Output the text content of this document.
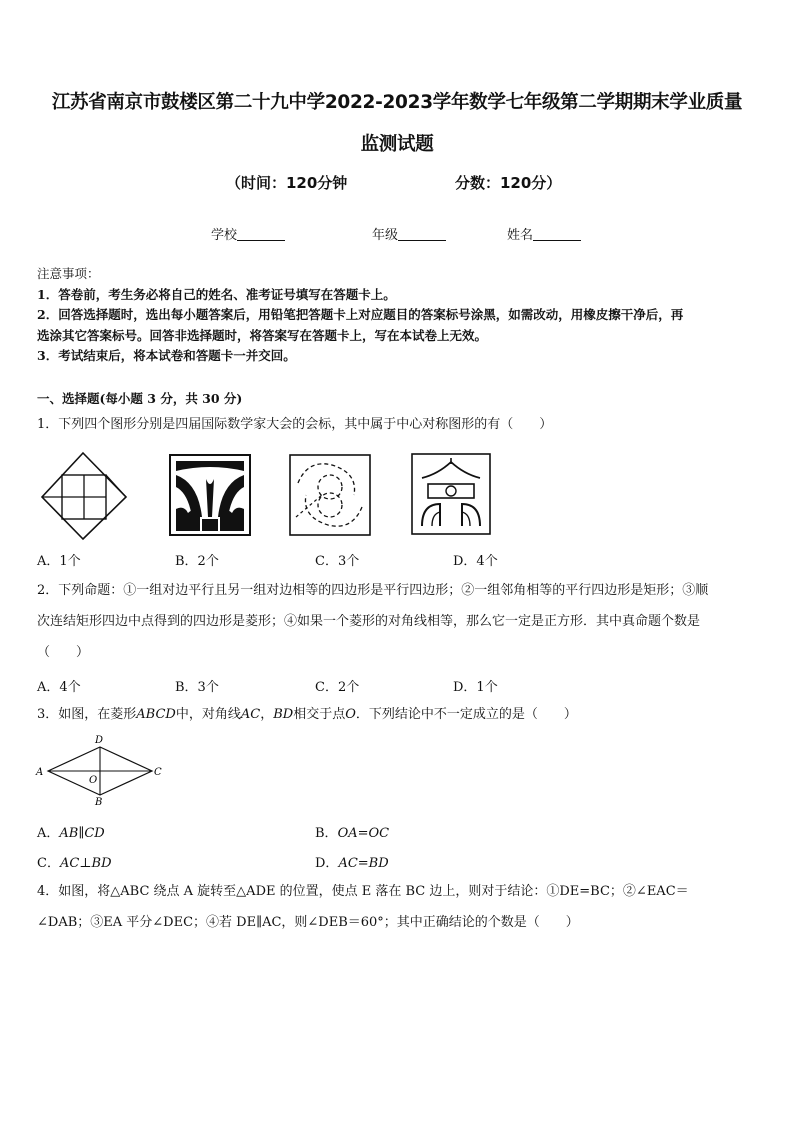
江苏省南京市鼓楼区第二十九中学2022-2023学年数学七年级第二学期期末学业质量
监测试题
（时间：120分钟	分数：120分）
学校	年级	姓名
注意事项：
1．答卷前，考生务必将自己的姓名、准考证号填写在答题卡上。
2．回答选择题时，选出每小题答案后，用铅笔把答题卡上对应题目的答案标号涂黑，如需改动，用橡皮擦干净后，再
选涂其它答案标号。回答非选择题时，将答案写在答题卡上，写在本试卷上无效。
3．考试结束后，将本试卷和答题卡一并交回。
一、选择题(每小题 3 分，共 30 分)
1．下列四个图形分别是四届国际数学家大会的会标，其中属于中心对称图形的有（　　）
A．1个	B．2个	C．3个	D．4个
2．下列命题：①一组对边平行且另一组对边相等的四边形是平行四边形；②一组邻角相等的平行四边形是矩形；③顺
次连结矩形四边中点得到的四边形是菱形；④如果一个菱形的对角线相等，那么它一定是正方形．其中真命题个数是
（　　）
A．4个	B．3个	C．2个	D．1个
3．如图，在菱形ABCD中，对角线AC，BD相交于点O．下列结论中不一定成立的是（　　）
A
D
C
B
O
A．AB∥CD	B．OA=OC
C．AC⊥BD	D．AC=BD
4．如图，将△ABC 绕点 A 旋转至△ADE 的位置，使点 E 落在 BC 边上，则对于结论：①DE=BC；②∠EAC＝
∠DAB；③EA 平分∠DEC；④若 DE∥AC，则∠DEB＝60°；其中正确结论的个数是（　　）
